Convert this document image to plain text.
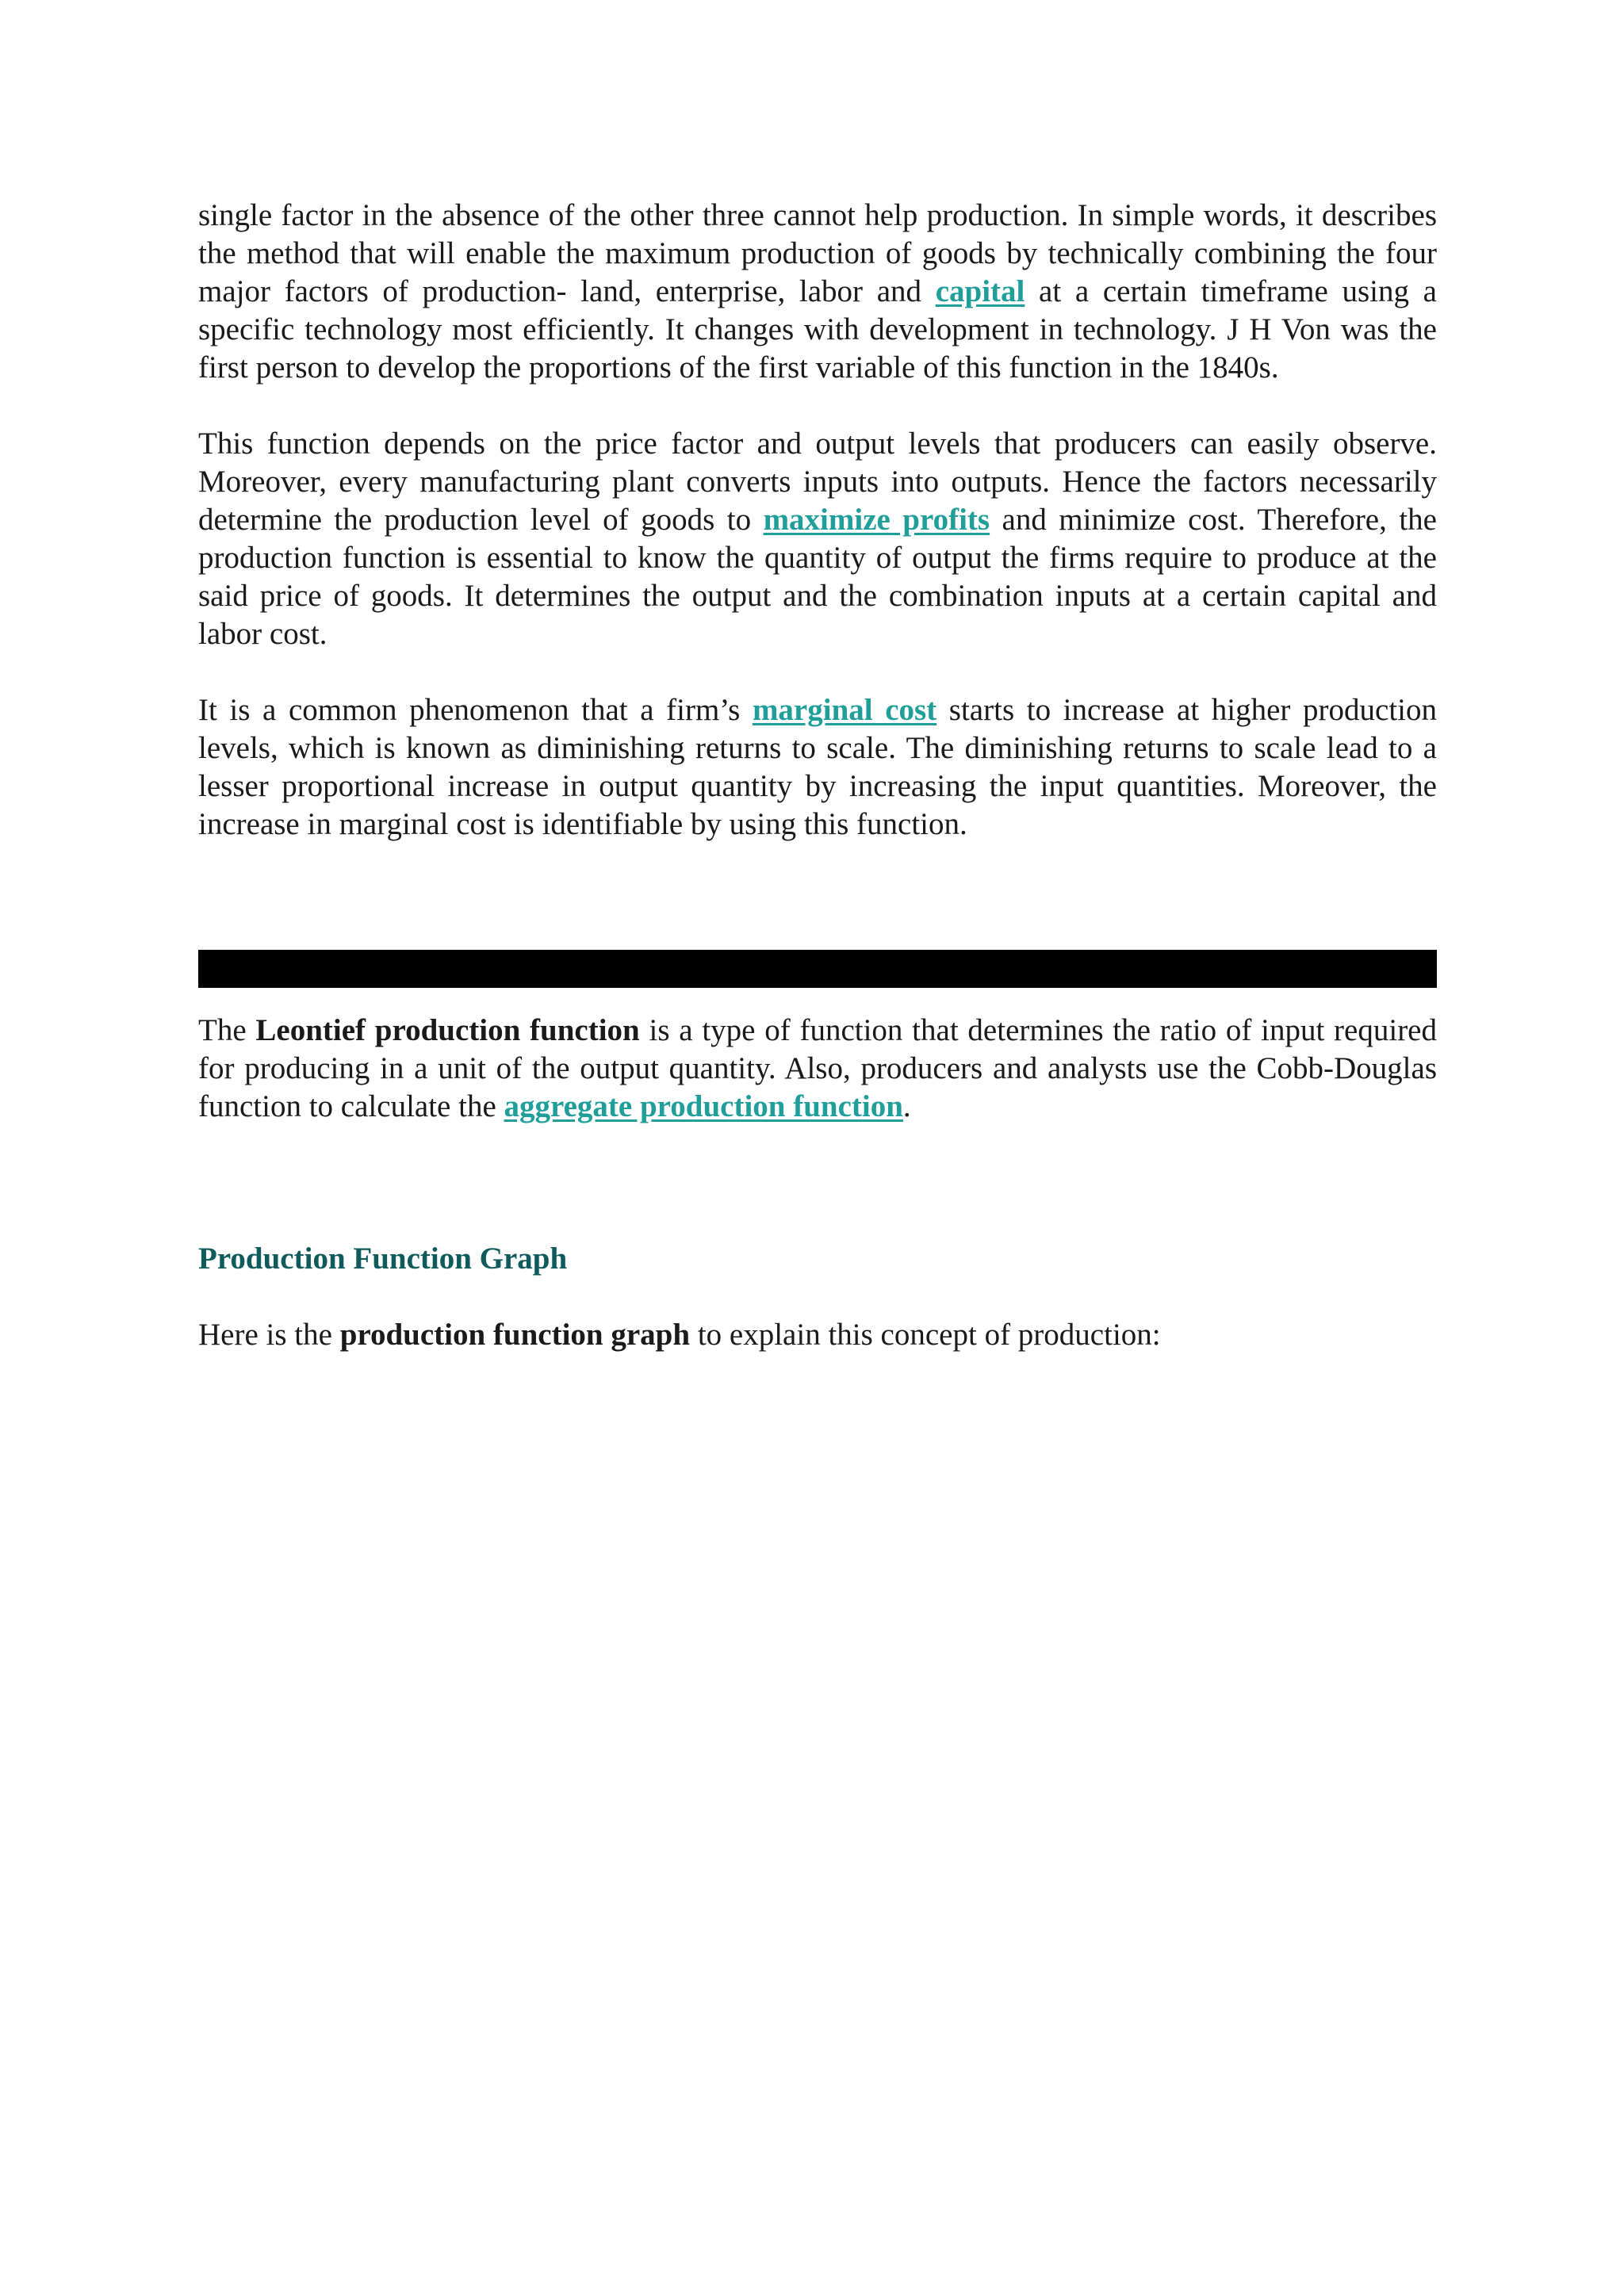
single factor in the absence of the other three cannot help production. In simple words, it describes the method that will enable the maximum production of goods by technically combining the four major factors of production- land, enterprise, labor and capital at a certain timeframe using a specific technology most efficiently. It changes with development in technology. J H Von was the first person to develop the proportions of the first variable of this function in the 1840s.

This function depends on the price factor and output levels that producers can easily observe. Moreover, every manufacturing plant converts inputs into outputs. Hence the factors necessarily determine the production level of goods to maximize profits and minimize cost. Therefore, the production function is essential to know the quantity of output the firms require to produce at the said price of goods. It determines the output and the combination inputs at a certain capital and labor cost.

It is a common phenomenon that a firm’s marginal cost starts to increase at higher production levels, which is known as diminishing returns to scale. The diminishing returns to scale lead to a lesser proportional increase in output quantity by increasing the input quantities. Moreover, the increase in marginal cost is identifiable by using this function.

The Leontief production function is a type of function that determines the ratio of input required for producing in a unit of the output quantity. Also, producers and analysts use the Cobb-Douglas function to calculate the aggregate production function.

Production Function Graph

Here is the production function graph to explain this concept of production:
